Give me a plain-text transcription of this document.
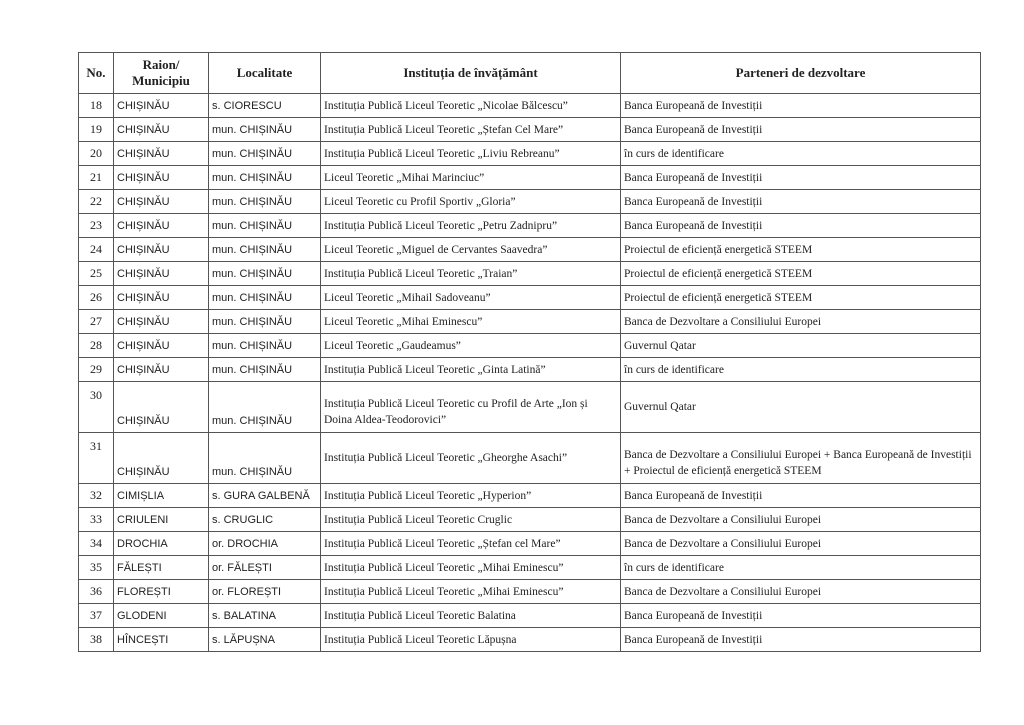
No.	Raion/ Municipiu	Localitate	Instituția de învățământ	Parteneri de dezvoltare
18	CHIȘINĂU	s. CIORESCU	Instituția Publică Liceul Teoretic „Nicolae Bălcescu”	Banca Europeană de Investiții
19	CHIȘINĂU	mun. CHIȘINĂU	Instituția Publică Liceul Teoretic „Ștefan Cel Mare”	Banca Europeană de Investiții
20	CHIȘINĂU	mun. CHIȘINĂU	Instituția Publică Liceul Teoretic „Liviu Rebreanu”	în curs de identificare
21	CHIȘINĂU	mun. CHIȘINĂU	Liceul Teoretic „Mihai Marinciuc”	Banca Europeană de Investiții
22	CHIȘINĂU	mun. CHIȘINĂU	Liceul Teoretic cu Profil Sportiv „Gloria”	Banca Europeană de Investiții
23	CHIȘINĂU	mun. CHIȘINĂU	Instituția Publică Liceul Teoretic „Petru Zadnipru”	Banca Europeană de Investiții
24	CHIȘINĂU	mun. CHIȘINĂU	Liceul Teoretic „Miguel de Cervantes Saavedra”	Proiectul de eficiență energetică STEEM
25	CHIȘINĂU	mun. CHIȘINĂU	Instituția Publică Liceul Teoretic „Traian”	Proiectul de eficiență energetică STEEM
26	CHIȘINĂU	mun. CHIȘINĂU	Liceul Teoretic „Mihail Sadoveanu”	Proiectul de eficiență energetică STEEM
27	CHIȘINĂU	mun. CHIȘINĂU	Liceul Teoretic „Mihai Eminescu”	Banca de Dezvoltare a Consiliului Europei
28	CHIȘINĂU	mun. CHIȘINĂU	Liceul Teoretic „Gaudeamus”	Guvernul Qatar
29	CHIȘINĂU	mun. CHIȘINĂU	Instituția Publică Liceul Teoretic „Ginta Latină”	în curs de identificare
30	CHIȘINĂU	mun. CHIȘINĂU	Instituția Publică Liceul Teoretic cu Profil de Arte „Ion și Doina Aldea-Teodorovici”	Guvernul Qatar
31	CHIȘINĂU	mun. CHIȘINĂU	Instituția Publică Liceul Teoretic „Gheorghe Asachi”	Banca de Dezvoltare a Consiliului Europei + Banca Europeană de Investiții + Proiectul de eficiență energetică STEEM
32	CIMIȘLIA	s. GURA GALBENĂ	Instituția Publică Liceul Teoretic „Hyperion”	Banca Europeană de Investiții
33	CRIULENI	s. CRUGLIC	Instituția Publică Liceul Teoretic Cruglic	Banca de Dezvoltare a Consiliului Europei
34	DROCHIA	or. DROCHIA	Instituția Publică Liceul Teoretic „Ștefan cel Mare”	Banca de Dezvoltare a Consiliului Europei
35	FĂLEȘTI	or. FĂLEȘTI	Instituția Publică Liceul Teoretic „Mihai Eminescu”	în curs de identificare
36	FLOREȘTI	or. FLOREȘTI	Instituția Publică Liceul Teoretic „Mihai Eminescu”	Banca de Dezvoltare a Consiliului Europei
37	GLODENI	s. BALATINA	Instituția Publică Liceul Teoretic Balatina	Banca Europeană de Investiții
38	HÎNCEȘTI	s. LĂPUȘNA	Instituția Publică Liceul Teoretic Lăpușna	Banca Europeană de Investiții
